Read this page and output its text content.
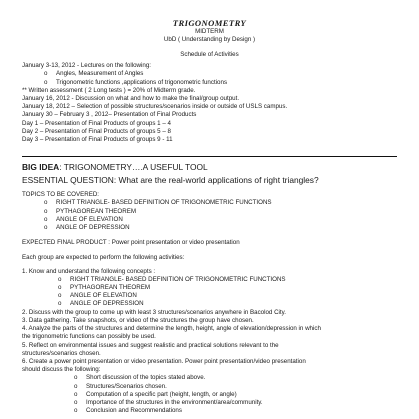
TRIGONOMETRY
MIDTERM
UbD ( Understanding by Design )
Schedule of Activities
January 3-13, 2012 - Lectures on the following:
o Angles, Measurement of Angles
o Trigonometric functions ,applications of trigonometric functions
** Written assessment ( 2 Long tests ) = 20% of Midterm grade.
January 16, 2012 - Discussion on what and how to make the final/group output.
January 18, 2012 – Selection of possible structures/scenarios inside or outside of USLS campus.
January 30 – February 3 , 2012– Presentation of Final Products
Day 1 – Presentation of Final Products of groups 1 – 4
Day 2 – Presentation of Final Products of groups 5 – 8
Day 3 – Presentation of Final Products of groups 9 - 11
BIG IDEA: TRIGONOMETRY….A USEFUL TOOL
ESSENTIAL QUESTION: What are the real-world applications of right triangles?
TOPICS TO BE COVERED:
o RIGHT TRIANGLE- BASED DEFINITION OF TRIGONOMETRIC FUNCTIONS
o PYTHAGOREAN THEOREM
o ANGLE OF ELEVATION
o ANGLE OF DEPRESSION
EXPECTED FINAL PRODUCT : Power point presentation or video presentation
Each group are expected to perform the following activities:
1. Know and understand the following concepts :
o RIGHT TRIANGLE- BASED DEFINITION OF TRIGONOMETRIC FUNCTIONS
o PYTHAGOREAN THEOREM
o ANGLE OF ELEVATION
o ANGLE OF DEPRESSION
2. Discuss with the group to come up with least 3 structures/scenarios anywhere in Bacolod City.
3. Data gathering. Take snapshots, or video of the structures the group have chosen.
4. Analyze the parts of the structures and determine the length, height, angle of elevation/depression in which
the trigonometric functions can possibly be used.
5. Reflect on environmental issues and suggest realistic and practical solutions relevant to the
structures/scenarios chosen.
6. Create a power point presentation or video presentation. Power point presentation/video presentation
should discuss the following:
o Short discussion of the topics stated above.
o Structures/Scenarios chosen.
o Computation of a specific part (height, length, or angle)
o Importance of the structures in the environment/area/community.
o Conclusion and Recommendations
